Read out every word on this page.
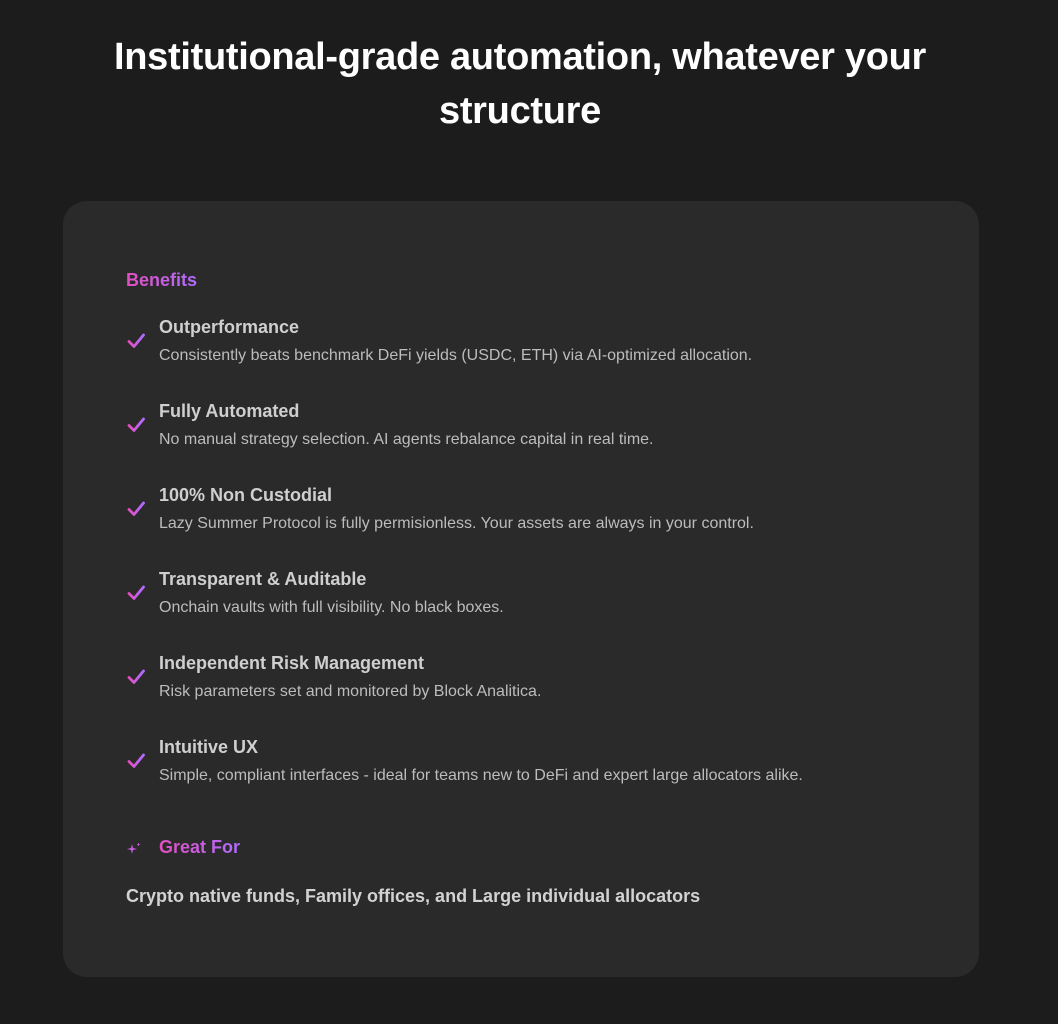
Institutional-grade automation, whatever your structure
Benefits
Outperformance
Consistently beats benchmark DeFi yields (USDC, ETH) via AI-optimized allocation.
Fully Automated
No manual strategy selection. AI agents rebalance capital in real time.
100% Non Custodial
Lazy Summer Protocol is fully permisionless. Your assets are always in your control.
Transparent & Auditable
Onchain vaults with full visibility. No black boxes.
Independent Risk Management
Risk parameters set and monitored by Block Analitica.
Intuitive UX
Simple, compliant interfaces - ideal for teams new to DeFi and expert large allocators alike.
Great For
Crypto native funds, Family offices, and Large individual allocators
